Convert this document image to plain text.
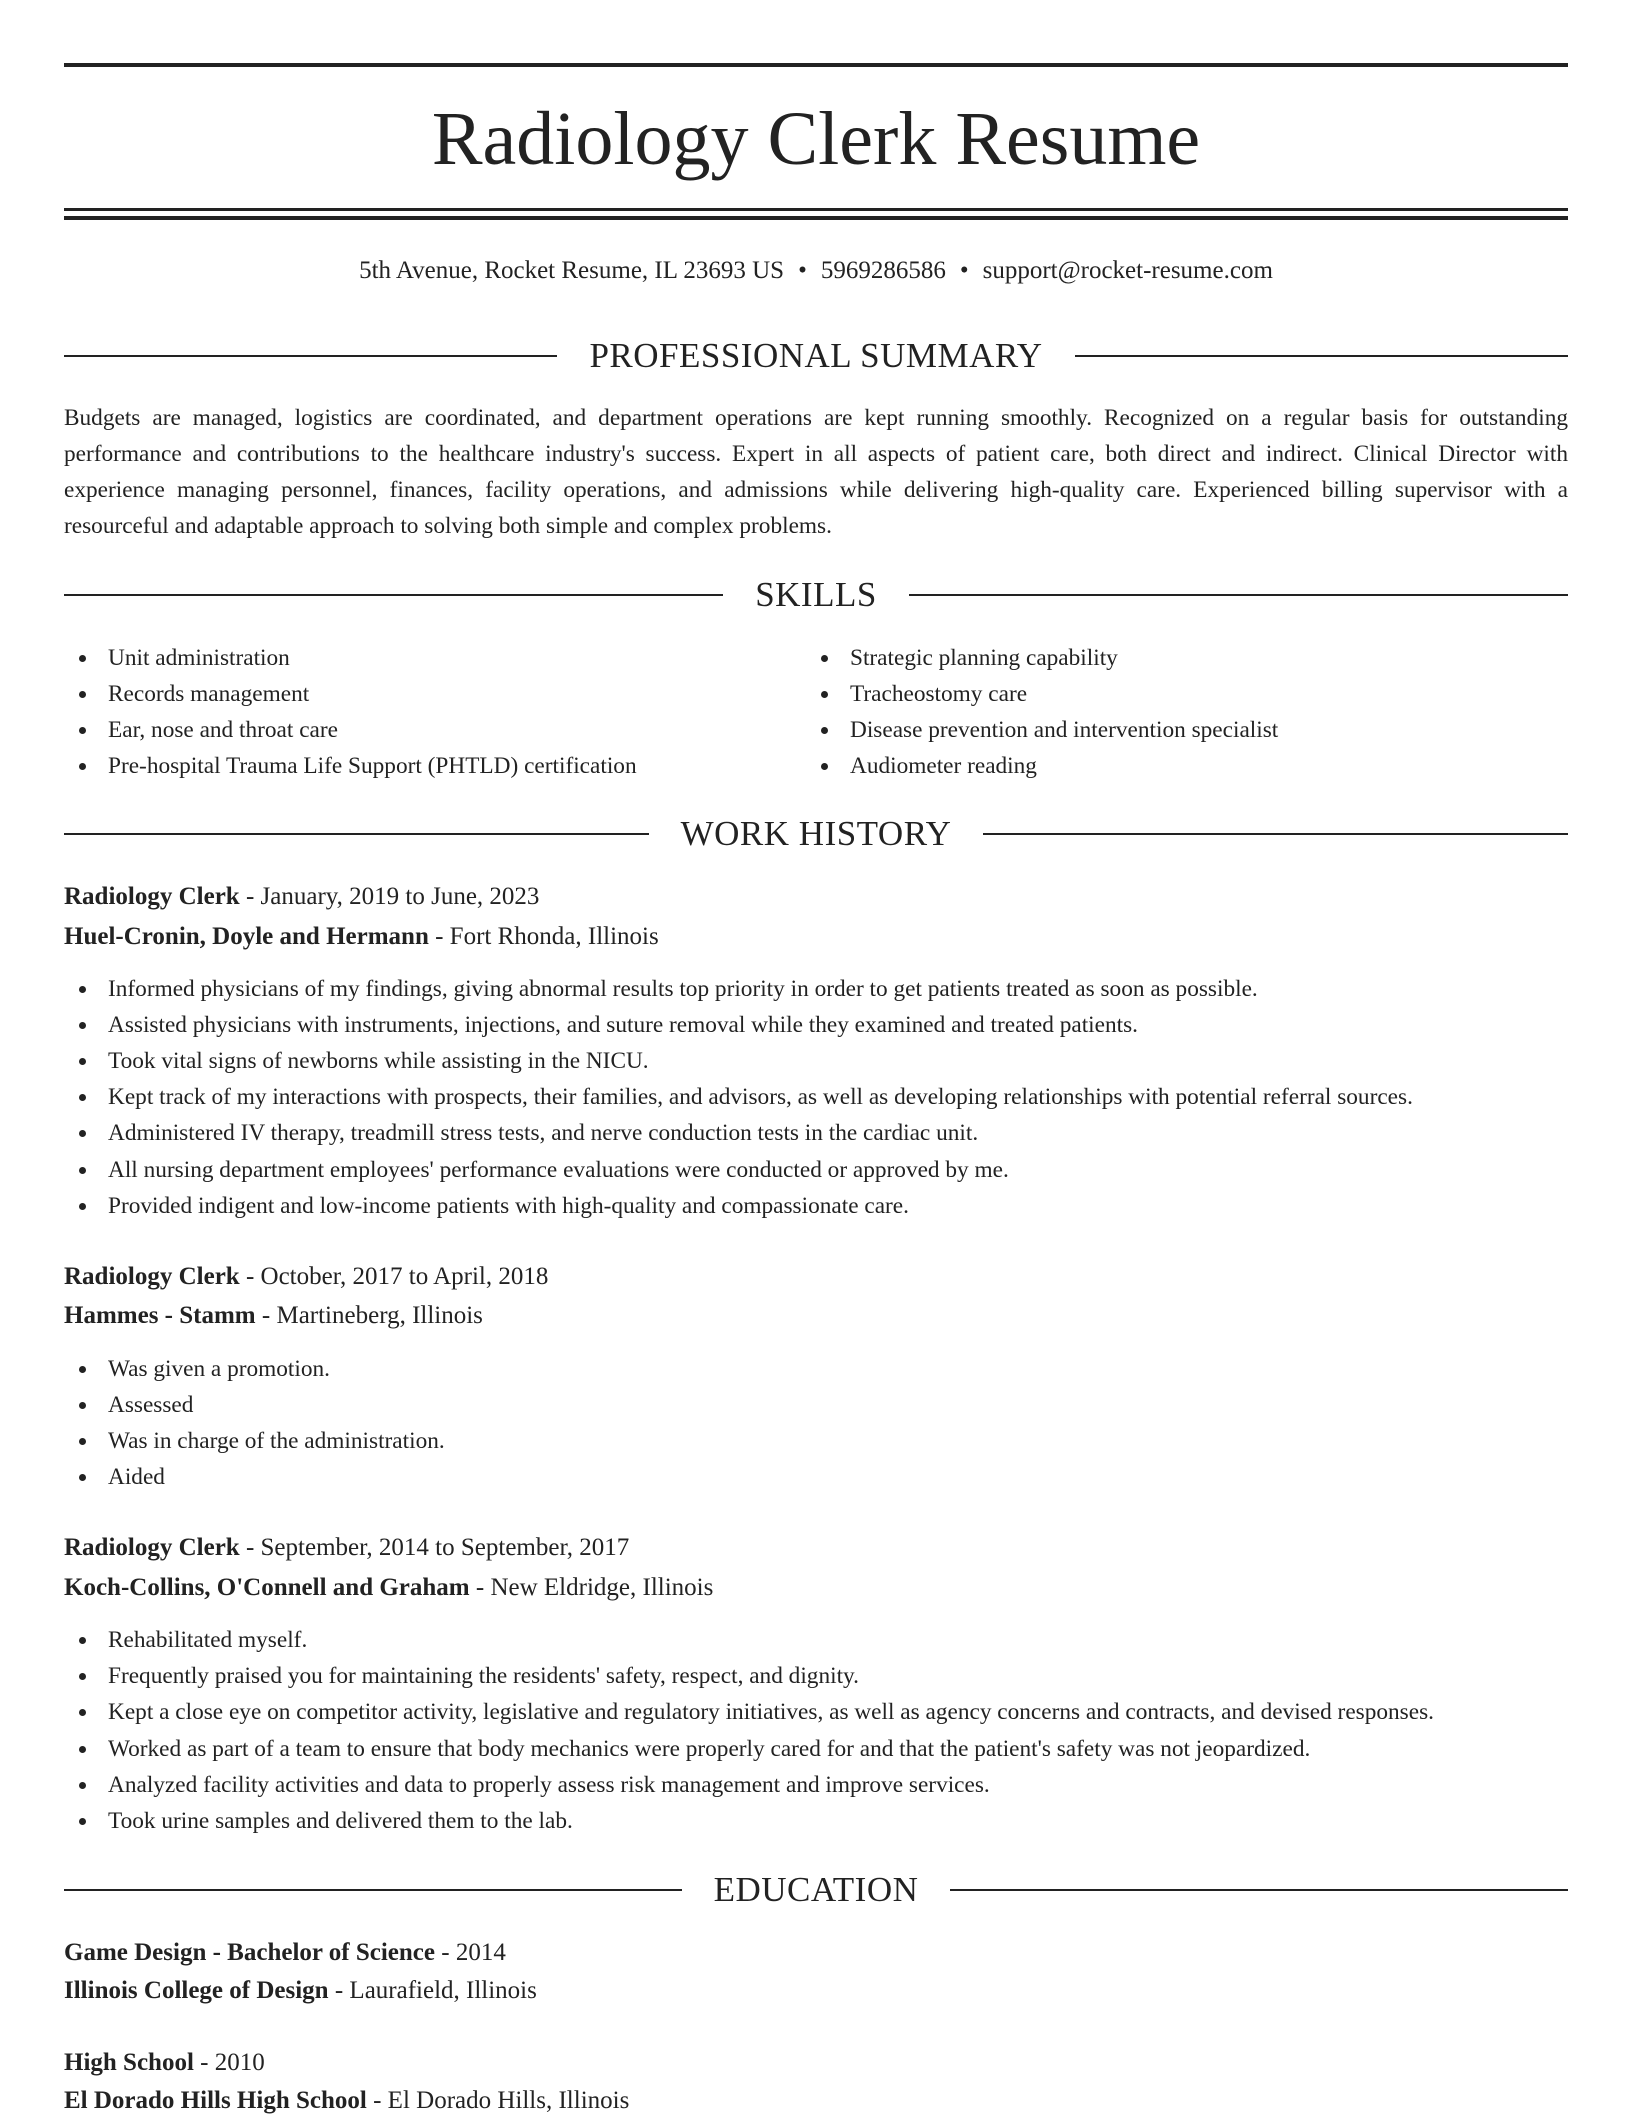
Radiology Clerk Resume
5th Avenue, Rocket Resume, IL 23693 US • 5969286586 • support@rocket-resume.com
PROFESSIONAL SUMMARY

Budgets are managed, logistics are coordinated, and department operations are kept running smoothly. Recognized on a regular basis for outstanding performance and contributions to the healthcare industry's success. Expert in all aspects of patient care, both direct and indirect. Clinical Director with experience managing personnel, finances, facility operations, and admissions while delivering high-quality care. Experienced billing supervisor with a resourceful and adaptable approach to solving both simple and complex problems.

SKILLS
Unit administration
Records management
Ear, nose and throat care
Pre-hospital Trauma Life Support (PHTLD) certification
Strategic planning capability
Tracheostomy care
Disease prevention and intervention specialist
Audiometer reading
WORK HISTORY
Radiology Clerk - January, 2019 to June, 2023
Huel-Cronin, Doyle and Hermann - Fort Rhonda, Illinois
Informed physicians of my findings, giving abnormal results top priority in order to get patients treated as soon as possible.
Assisted physicians with instruments, injections, and suture removal while they examined and treated patients.
Took vital signs of newborns while assisting in the NICU.
Kept track of my interactions with prospects, their families, and advisors, as well as developing relationships with potential referral sources.
Administered IV therapy, treadmill stress tests, and nerve conduction tests in the cardiac unit.
All nursing department employees' performance evaluations were conducted or approved by me.
Provided indigent and low-income patients with high-quality and compassionate care.
Radiology Clerk - October, 2017 to April, 2018
Hammes - Stamm - Martineberg, Illinois
Was given a promotion.
Assessed
Was in charge of the administration.
Aided
Radiology Clerk - September, 2014 to September, 2017
Koch-Collins, O'Connell and Graham - New Eldridge, Illinois
Rehabilitated myself.
Frequently praised you for maintaining the residents' safety, respect, and dignity.
Kept a close eye on competitor activity, legislative and regulatory initiatives, as well as agency concerns and contracts, and devised responses.
Worked as part of a team to ensure that body mechanics were properly cared for and that the patient's safety was not jeopardized.
Analyzed facility activities and data to properly assess risk management and improve services.
Took urine samples and delivered them to the lab.
EDUCATION
Game Design - Bachelor of Science - 2014
Illinois College of Design - Laurafield, Illinois
High School - 2010
El Dorado Hills High School - El Dorado Hills, Illinois
